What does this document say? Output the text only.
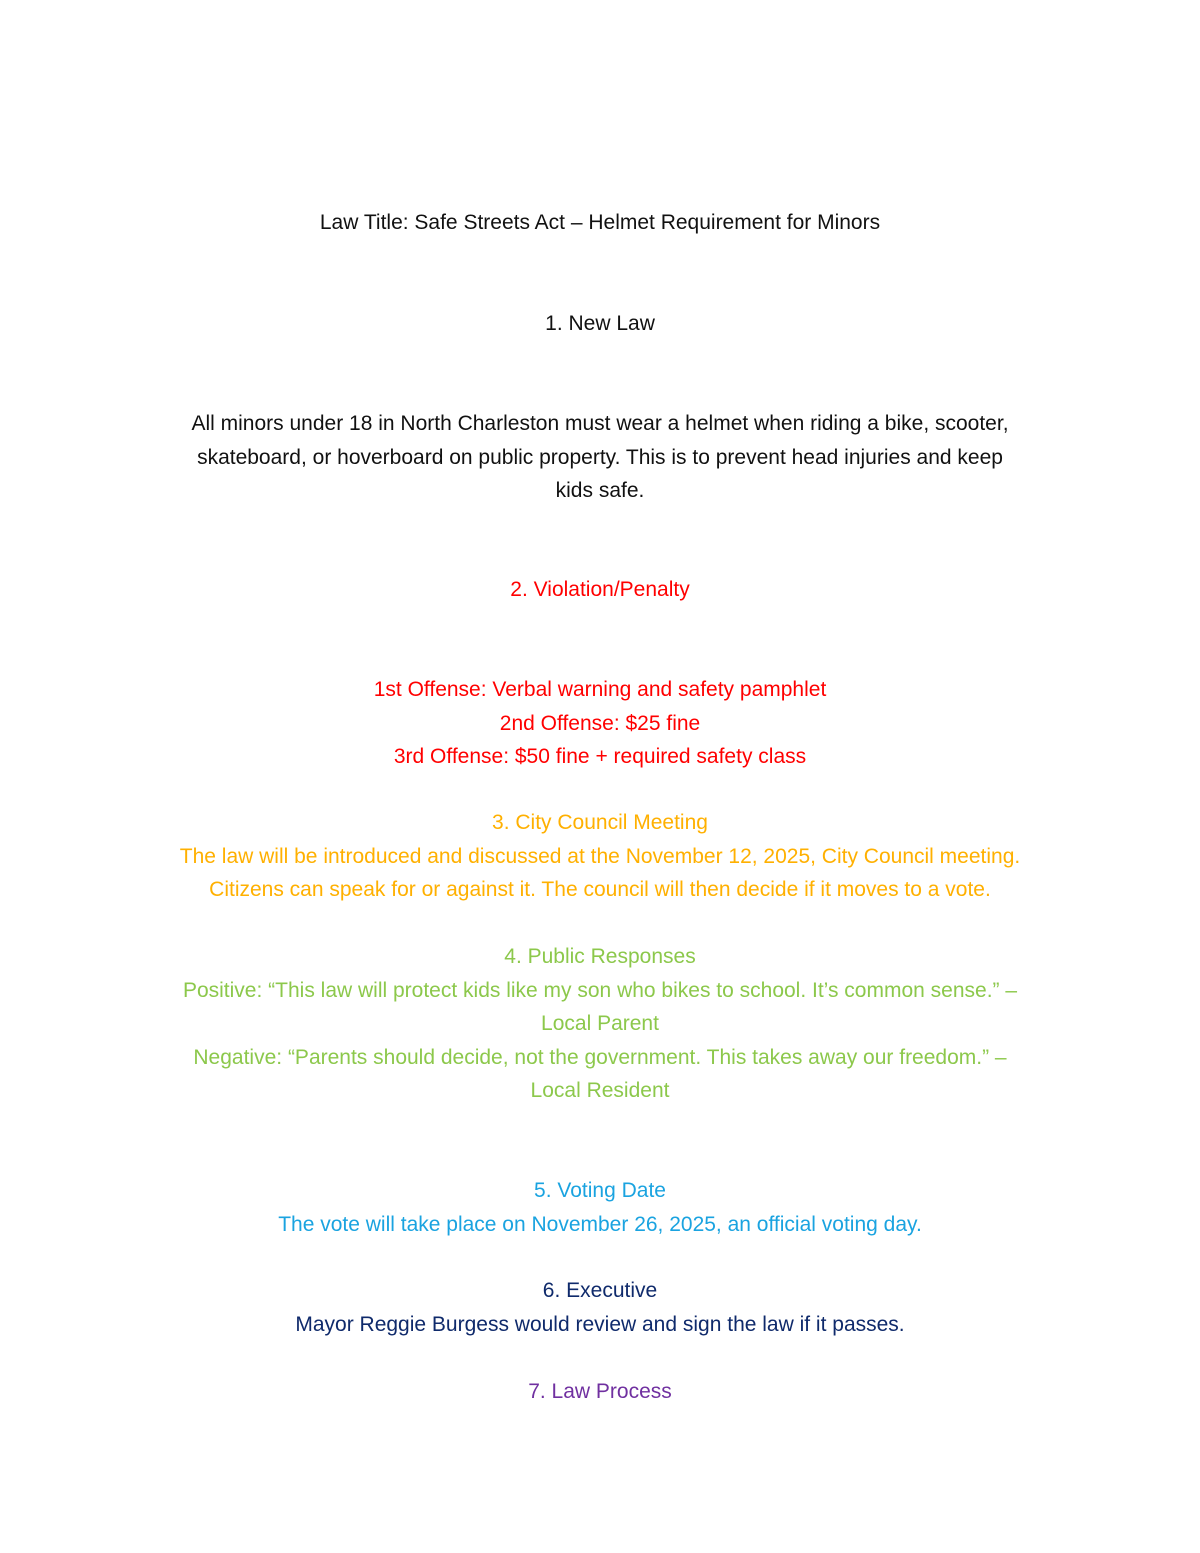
Law Title: Safe Streets Act – Helmet Requirement for Minors
1. New Law
All minors under 18 in North Charleston must wear a helmet when riding a bike, scooter,
skateboard, or hoverboard on public property. This is to prevent head injuries and keep
kids safe.
2. Violation/Penalty
1st Offense: Verbal warning and safety pamphlet
2nd Offense: $25 fine
3rd Offense: $50 fine + required safety class
3. City Council Meeting
The law will be introduced and discussed at the November 12, 2025, City Council meeting.
Citizens can speak for or against it. The council will then decide if it moves to a vote.
4. Public Responses
Positive: “This law will protect kids like my son who bikes to school. It’s common sense.” –
Local Parent
Negative: “Parents should decide, not the government. This takes away our freedom.” –
Local Resident
5. Voting Date
The vote will take place on November 26, 2025, an official voting day.
6. Executive
Mayor Reggie Burgess would review and sign the law if it passes.
7. Law Process
